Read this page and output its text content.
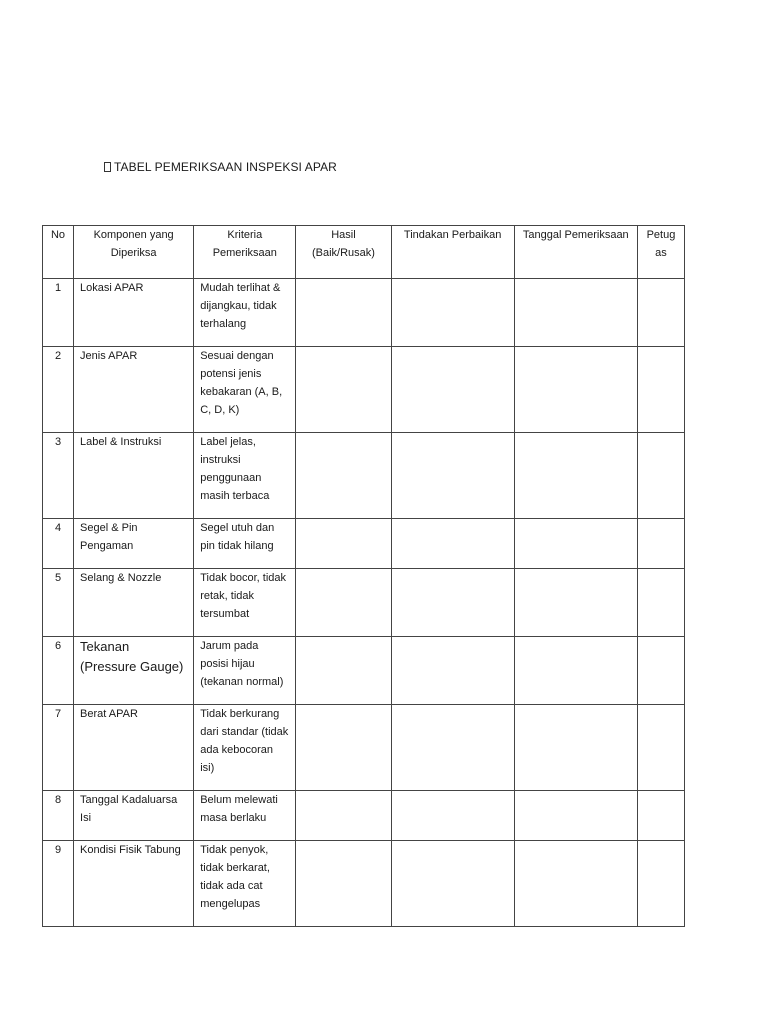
TABEL PEMERIKSAAN INSPEKSI APAR
No	Komponen yang Diperiksa	Kriteria Pemeriksaan	Hasil (Baik/Rusak)	Tindakan Perbaikan	Tanggal Pemeriksaan	Petugas
1	Lokasi APAR	Mudah terlihat & dijangkau, tidak terhalang				
2	Jenis APAR	Sesuai dengan potensi jenis kebakaran (A, B, C, D, K)				
3	Label & Instruksi	Label jelas, instruksi penggunaan masih terbaca				
4	Segel & Pin Pengaman	Segel utuh dan pin tidak hilang				
5	Selang & Nozzle	Tidak bocor, tidak retak, tidak tersumbat				
6	Tekanan (Pressure Gauge)	Jarum pada posisi hijau (tekanan normal)				
7	Berat APAR	Tidak berkurang dari standar (tidak ada kebocoran isi)				
8	Tanggal Kadaluarsa Isi	Belum melewati masa berlaku				
9	Kondisi Fisik Tabung	Tidak penyok, tidak berkarat, tidak ada cat mengelupas				
